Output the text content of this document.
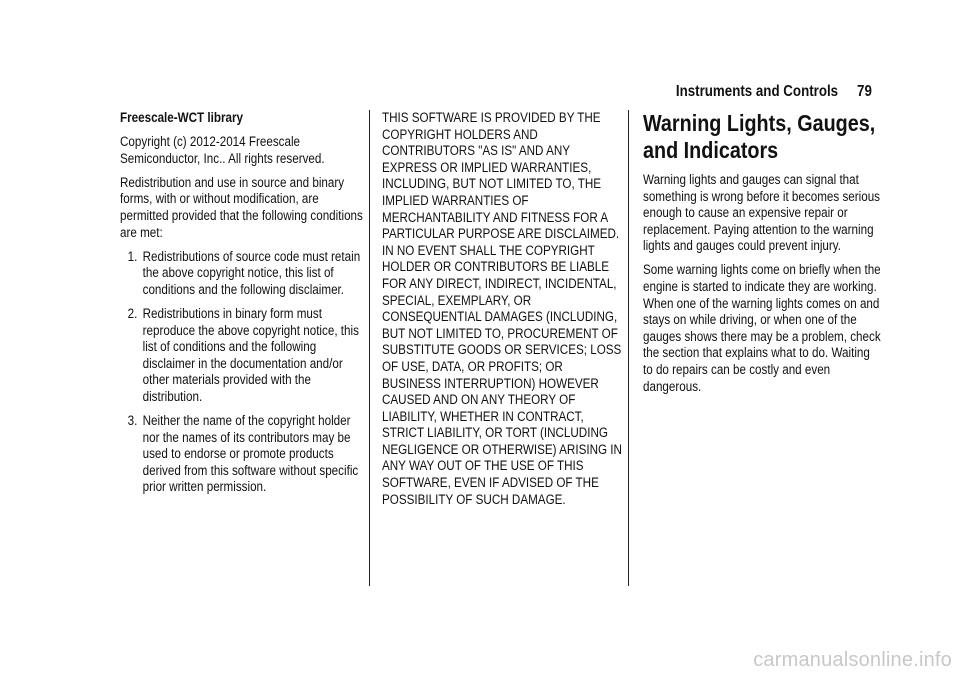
Instruments and Controls 79

Freescale-WCT library

Copyright (c) 2012-2014 Freescale Semiconductor, Inc.. All rights reserved.

Redistribution and use in source and binary forms, with or without modification, are permitted provided that the following conditions are met:

1. Redistributions of source code must retain the above copyright notice, this list of conditions and the following disclaimer.
2. Redistributions in binary form must reproduce the above copyright notice, this list of conditions and the following disclaimer in the documentation and/or other materials provided with the distribution.
3. Neither the name of the copyright holder nor the names of its contributors may be used to endorse or promote products derived from this software without specific prior written permission.

THIS SOFTWARE IS PROVIDED BY THE COPYRIGHT HOLDERS AND CONTRIBUTORS "AS IS" AND ANY EXPRESS OR IMPLIED WARRANTIES, INCLUDING, BUT NOT LIMITED TO, THE IMPLIED WARRANTIES OF MERCHANTABILITY AND FITNESS FOR A PARTICULAR PURPOSE ARE DISCLAIMED. IN NO EVENT SHALL THE COPYRIGHT HOLDER OR CONTRIBUTORS BE LIABLE FOR ANY DIRECT, INDIRECT, INCIDENTAL, SPECIAL, EXEMPLARY, OR CONSEQUENTIAL DAMAGES (INCLUDING, BUT NOT LIMITED TO, PROCUREMENT OF SUBSTITUTE GOODS OR SERVICES; LOSS OF USE, DATA, OR PROFITS; OR BUSINESS INTERRUPTION) HOWEVER CAUSED AND ON ANY THEORY OF LIABILITY, WHETHER IN CONTRACT, STRICT LIABILITY, OR TORT (INCLUDING NEGLIGENCE OR OTHERWISE) ARISING IN ANY WAY OUT OF THE USE OF THIS SOFTWARE, EVEN IF ADVISED OF THE POSSIBILITY OF SUCH DAMAGE.

Warning Lights, Gauges, and Indicators

Warning lights and gauges can signal that something is wrong before it becomes serious enough to cause an expensive repair or replacement. Paying attention to the warning lights and gauges could prevent injury.

Some warning lights come on briefly when the engine is started to indicate they are working. When one of the warning lights comes on and stays on while driving, or when one of the gauges shows there may be a problem, check the section that explains what to do. Waiting to do repairs can be costly and even dangerous.

carmanualsonline.info
